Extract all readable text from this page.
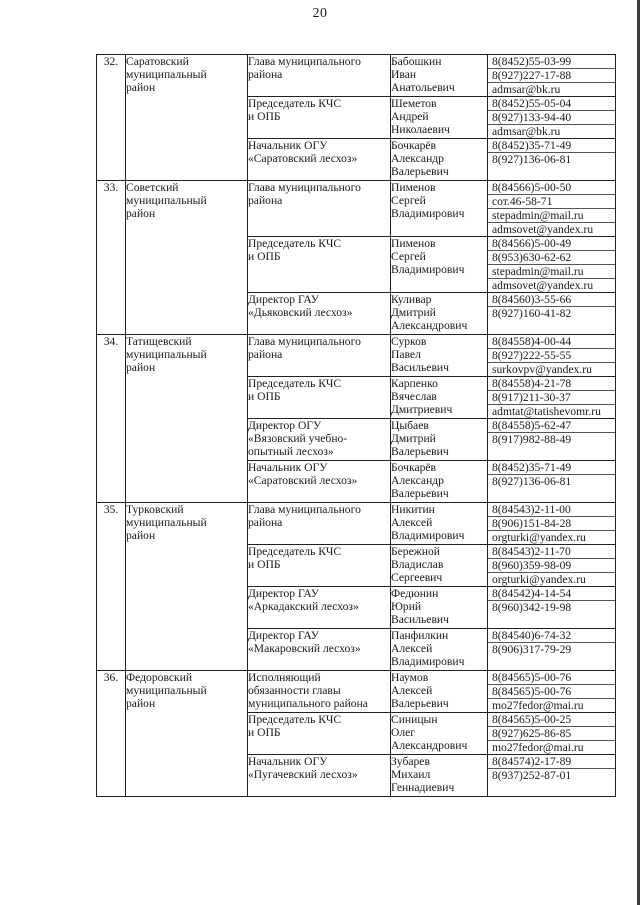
20
32.	Саратовский
муниципальный
район	Глава муниципального
района	Бабошкин
Иван
Анатольевич	8(8452)55-03-99
8(927)227-17-88
admsar@bk.ru

		Председатель КЧС
и ОПБ	Шеметов
Андрей
Николаевич	8(8452)55-05-04
8(927)133-94-40
admsar@bk.ru

		Начальник ОГУ
«Саратовский лесхоз»	Бочкарёв
Александр
Валерьевич	8(8452)35-71-49
8(927)136-06-81

33.	Советский
муниципальный
район	Глава муниципального
района	Пименов
Сергей
Владимирович	8(84566)5-00-50
сот.46-58-71
stepadmin@mail.ru
admsovet@yandex.ru

		Председатель КЧС
и ОПБ	Пименов
Сергей
Владимирович	8(84566)5-00-49
8(953)630-62-62
stepadmin@mail.ru
admsovet@yandex.ru

		Директор ГАУ
«Дьяковский лесхоз»	Куливар
Дмитрий
Александрович	8(84560)3-55-66
8(927)160-41-82

34.	Татищевский
муниципальный
район	Глава муниципального
района	Сурков
Павел
Васильевич	8(84558)4-00-44
8(927)222-55-55
surkovpv@yandex.ru

		Председатель КЧС
и ОПБ	Карпенко
Вячеслав
Дмитриевич	8(84558)4-21-78
8(917)211-30-37
admtat@tatishevomr.ru

		Директор ОГУ
«Вязовский учебно-
опытный лесхоз»	Цыбаев
Дмитрий
Валерьевич	8(84558)5-62-47
8(917)982-88-49

		Начальник ОГУ
«Саратовский лесхоз»	Бочкарёв
Александр
Валерьевич	8(8452)35-71-49
8(927)136-06-81

35.	Турковский
муниципальный
район	Глава муниципального
района	Никитин
Алексей
Владимирович	8(84543)2-11-00
8(906)151-84-28
orgturki@yandex.ru

		Председатель КЧС
и ОПБ	Бережной
Владислав
Сергеевич	8(84543)2-11-70
8(960)359-98-09
orgturki@yandex.ru

		Директор ГАУ
«Аркадакский лесхоз»	Федюнин
Юрий
Васильевич	8(84542)4-14-54
8(960)342-19-98

		Директор ГАУ
«Макаровский лесхоз»	Панфилкин
Алексей
Владимирович	8(84540)6-74-32
8(906)317-79-29

36.	Федоровский
муниципальный
район	Исполняющий
обязанности главы
муниципального района	Наумов
Алексей
Валерьевич	8(84565)5-00-76
8(84565)5-00-76
mo27fedor@mai.ru

		Председатель КЧС
и ОПБ	Синицын
Олег
Александрович	8(84565)5-00-25
8(927)625-86-85
mo27fedor@mai.ru

		Начальник ОГУ
«Пугачевский лесхоз»	Зубарев
Михаил
Геннадиевич	8(84574)2-17-89
8(937)252-87-01
